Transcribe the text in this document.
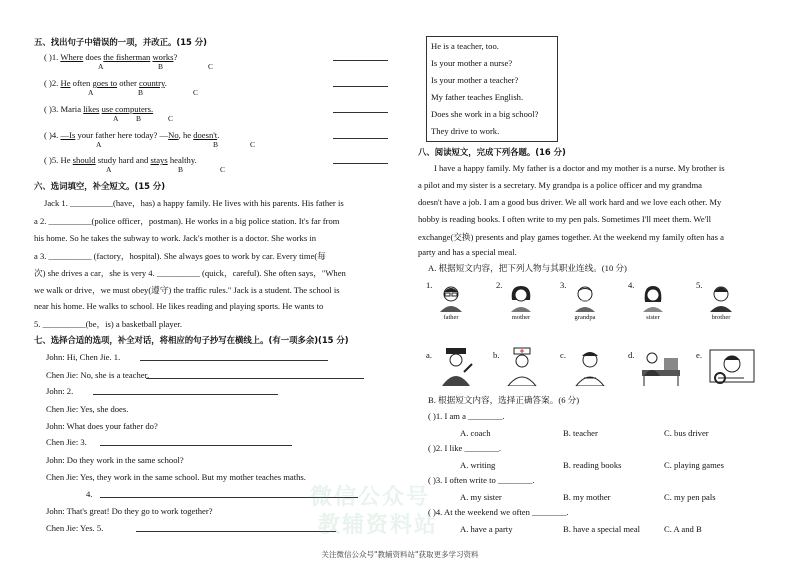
五、找出句子中错误的一项，并改正。(15 分)
( )1. Where does the fisherman works?
A	B	C
( )2. He often goes to other country.
A	B	C
( )3. Maria likes use computers.
A B	C
( )4. —Is your father here today? —No, he doesn't.
A	B	C
( )5. He should study hard and stays healthy.
A	B	C
六、选词填空，补全短文。(15 分)
Jack 1. __________(have，has) a happy family. He lives with his parents. His father is
a 2. __________(police officer，postman). He works in a big police station. It's far from
his home. So he takes the subway to work. Jack's mother is a doctor. She works in
a 3. __________ (factory，hospital). She always goes to work by car. Every time(每
次) she drives a car，she is very 4. __________ (quick，careful). She often says，"When
we walk or drive，we must obey(遵守) the traffic rules." Jack is a student. The school is
near his home. He walks to school. He likes reading and playing sports. He wants to
5. __________(be，is) a basketball player.
七、选择合适的选项，补全对话，将相应的句子抄写在横线上。(有一项多余)(15 分)
John: Hi, Chen Jie. 1.
Chen Jie: No, she is a teacher.
John: 2.
Chen Jie: Yes, she does.
John: What does your father do?
Chen Jie: 3.
John: Do they work in the same school?
Chen Jie: Yes, they work in the same school. But my mother teaches maths.
4.
John: That's great! Do they go to work together?
Chen Jie: Yes. 5.
He is a teacher, too.
Is your mother a nurse?
Is your mother a teacher?
My father teaches English.
Does she work in a big school?
They drive to work.
八、阅读短文，完成下列各题。(16 分)
I have a happy family. My father is a doctor and my mother is a nurse. My brother is
a pilot and my sister is a secretary. My grandpa is a police officer and my grandma
doesn't have a job. I am a good bus driver. We all work hard and we love each other. My
hobby is reading books. I often write to my pen pals. Sometimes I'll meet them. We'll
exchange(交换) presents and play games together. At the weekend my family often has a
party and has a special meal.
A. 根据短文内容，把下列人物与其职业连线。(10 分)
1.
father
2.
mother
3.
grandpa
4.
sister
5.
brother
a.	b.	c.	d.	e.
B. 根据短文内容，选择正确答案。(6 分)
( )1. I am a ________.
A. coach	B. teacher	C. bus driver
( )2. I like ________.
A. writing	B. reading books	C. playing games
( )3. I often write to ________.
A. my sister	B. my mother	C. my pen pals
( )4. At the weekend we often ________.
A. have a party	B. have a special meal	C. A and B
微信公众号
教辅资料站
关注微信公众号"教辅资料站"获取更多学习资料
